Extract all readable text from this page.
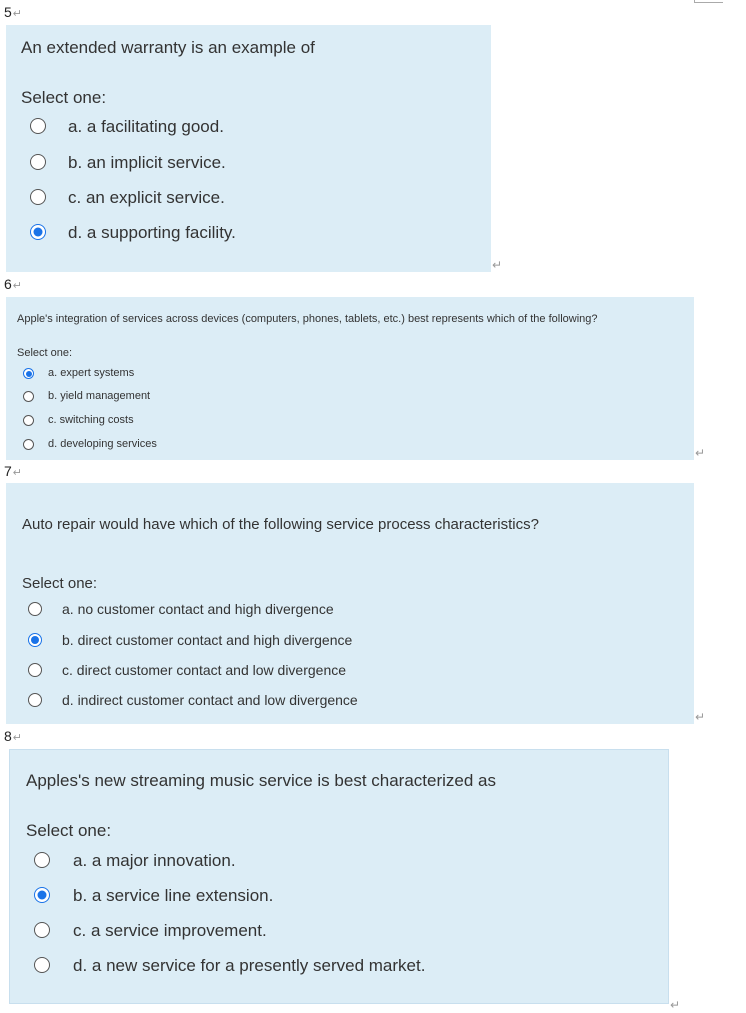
5↵
An extended warranty is an example of
Select one:
a. a facilitating good.
b. an implicit service.
c. an explicit service.
d. a supporting facility.
↵
6↵
Apple's integration of services across devices (computers, phones, tablets, etc.) best represents which of the following?
Select one:
a. expert systems
b. yield management
c. switching costs
d. developing services
↵
7↵
Auto repair would have which of the following service process characteristics?
Select one:
a. no customer contact and high divergence
b. direct customer contact and high divergence
c. direct customer contact and low divergence
d. indirect customer contact and low divergence
↵
8↵
Apples's new streaming music service is best characterized as
Select one:
a. a major innovation.
b. a service line extension.
c. a service improvement.
d. a new service for a presently served market.
↵
